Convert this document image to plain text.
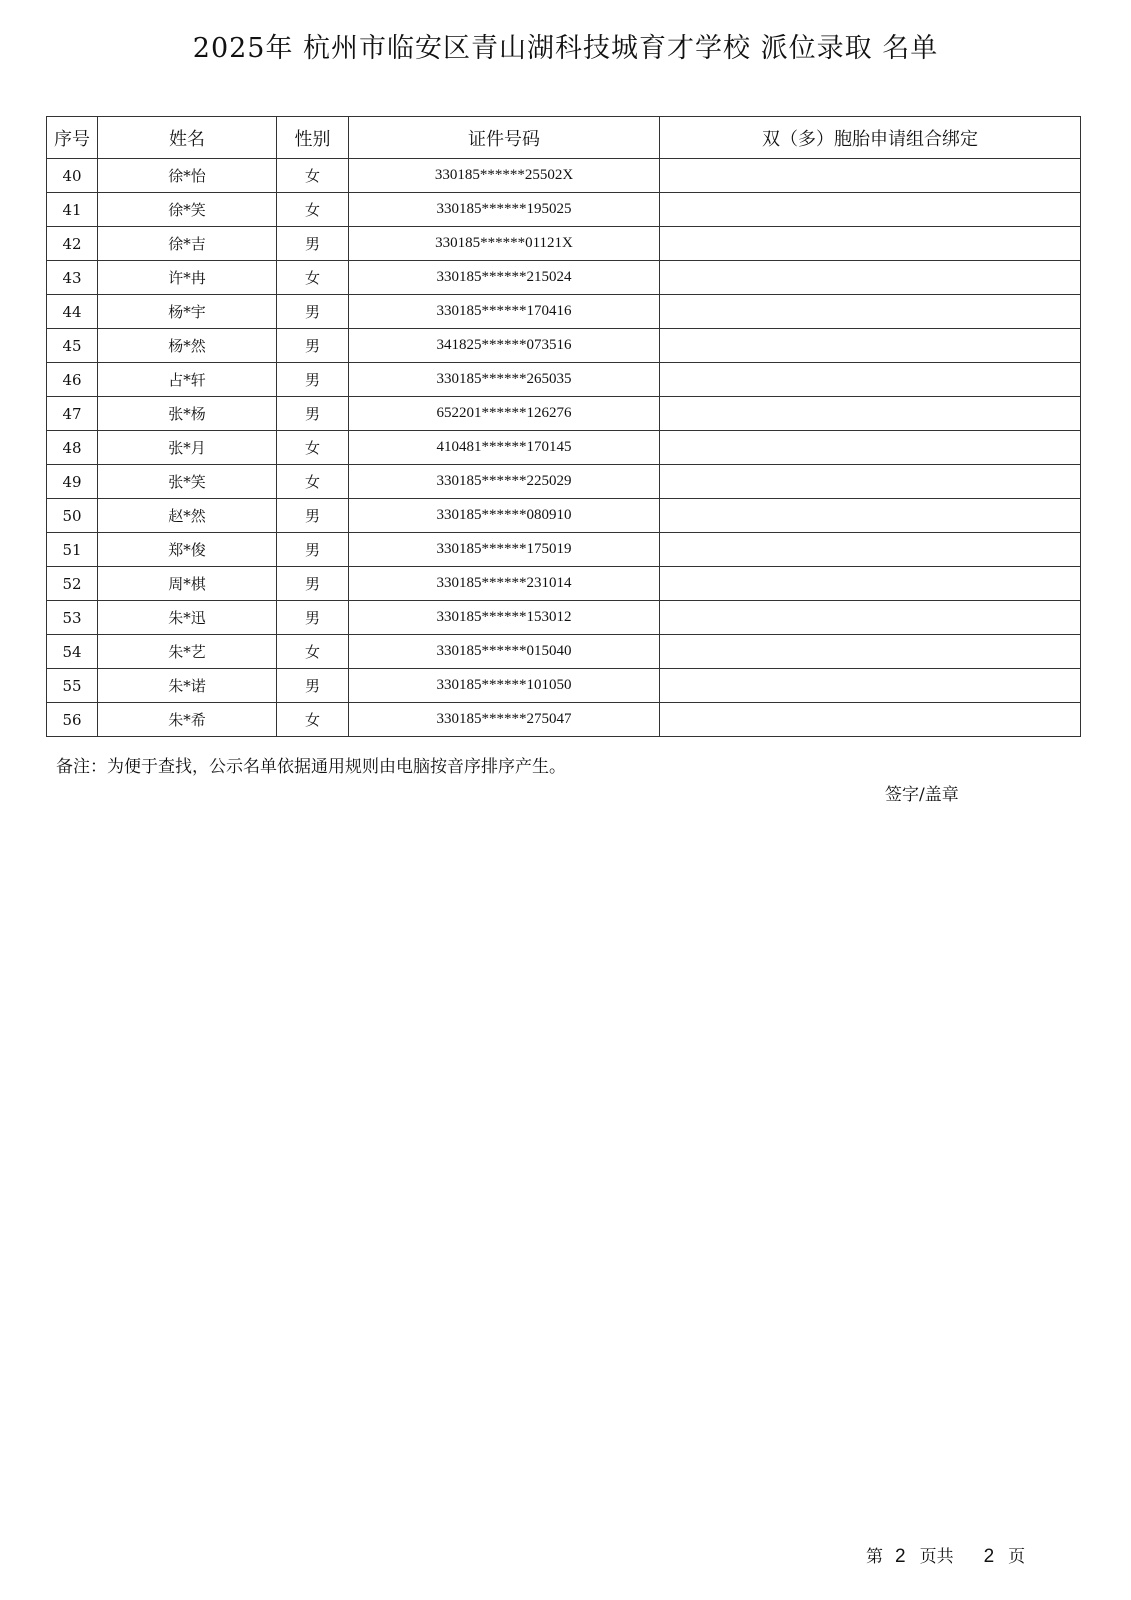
2025年 杭州市临安区青山湖科技城育才学校 派位录取 名单
序号	姓名	性别	证件号码	双（多）胞胎申请组合绑定
40	徐*怡	女	330185******25502X	
41	徐*笑	女	330185******195025	
42	徐*吉	男	330185******01121X	
43	许*冉	女	330185******215024	
44	杨*宇	男	330185******170416	
45	杨*然	男	341825******073516	
46	占*轩	男	330185******265035	
47	张*杨	男	652201******126276	
48	张*月	女	410481******170145	
49	张*笑	女	330185******225029	
50	赵*然	男	330185******080910	
51	郑*俊	男	330185******175019	
52	周*棋	男	330185******231014	
53	朱*迅	男	330185******153012	
54	朱*艺	女	330185******015040	
55	朱*诺	男	330185******101050	
56	朱*希	女	330185******275047	
备注：为便于查找，公示名单依据通用规则由电脑按音序排序产生。
签字/盖章
第 2 页共 2 页
